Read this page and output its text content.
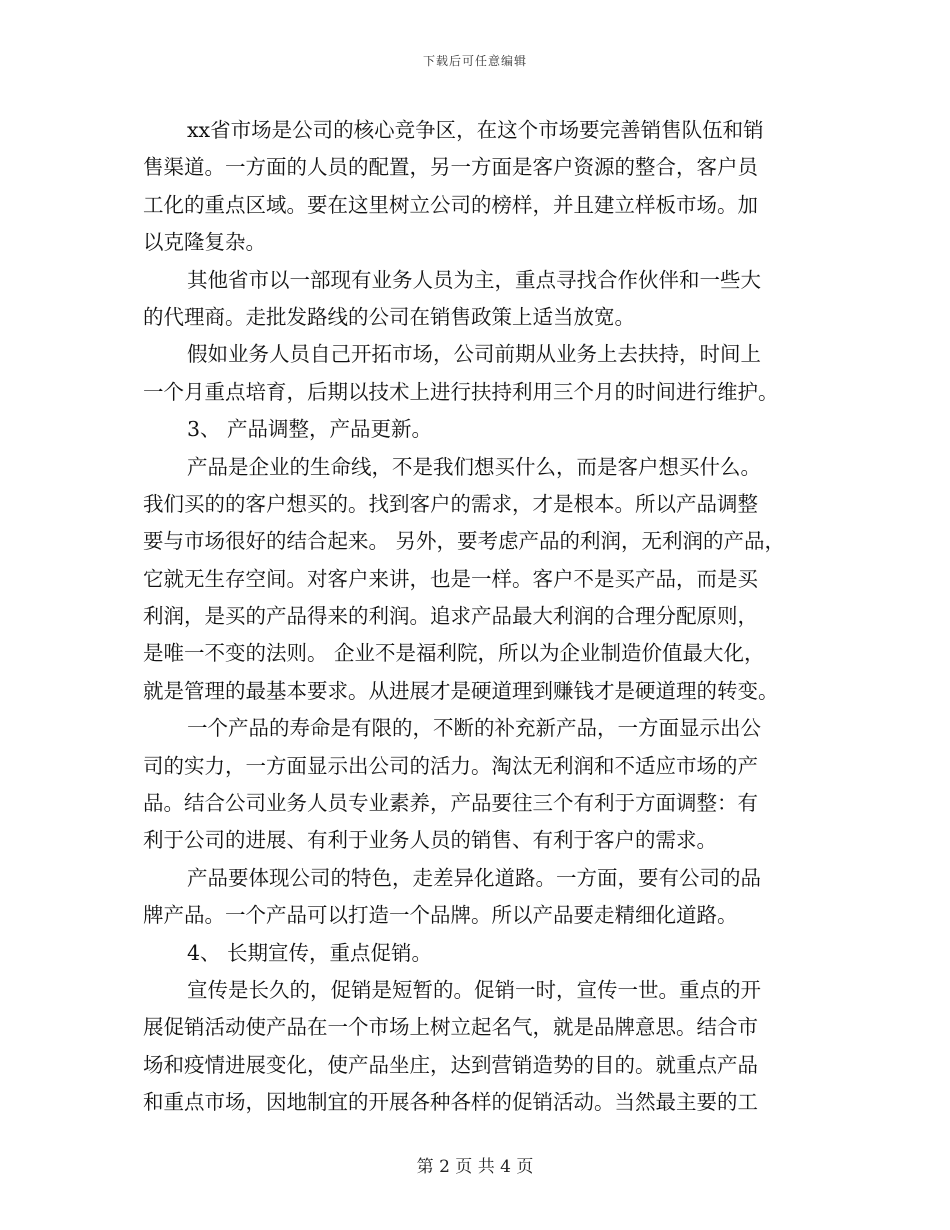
下载后可任意编辑
xx省市场是公司的核心竞争区，在这个市场要完善销售队伍和销
售渠道。一方面的人员的配置，另一方面是客户资源的整合，客户员
工化的重点区域。要在这里树立公司的榜样，并且建立样板市场。加
以克隆复杂。
其他省市以一部现有业务人员为主，重点寻找合作伙伴和一些大
的代理商。走批发路线的公司在销售政策上适当放宽。
假如业务人员自己开拓市场，公司前期从业务上去扶持，时间上
一个月重点培育，后期以技术上进行扶持利用三个月的时间进行维护。
3、 产品调整，产品更新。
产品是企业的生命线，不是我们想买什么，而是客户想买什么。
我们买的的客户想买的。找到客户的需求，才是根本。所以产品调整
要与市场很好的结合起来。 另外，要考虑产品的利润，无利润的产品，
它就无生存空间。对客户来讲，也是一样。客户不是买产品，而是买
利润，是买的产品得来的利润。追求产品最大利润的合理分配原则，
是唯一不变的法则。 企业不是福利院，所以为企业制造价值最大化，
就是管理的最基本要求。从进展才是硬道理到赚钱才是硬道理的转变。
一个产品的寿命是有限的，不断的补充新产品，一方面显示出公
司的实力，一方面显示出公司的活力。淘汰无利润和不适应市场的产
品。结合公司业务人员专业素养，产品要往三个有利于方面调整：有
利于公司的进展、有利于业务人员的销售、有利于客户的需求。
产品要体现公司的特色，走差异化道路。一方面，要有公司的品
牌产品。一个产品可以打造一个品牌。所以产品要走精细化道路。
4、 长期宣传，重点促销。
宣传是长久的，促销是短暂的。促销一时，宣传一世。重点的开
展促销活动使产品在一个市场上树立起名气，就是品牌意思。结合市
场和疫情进展变化，使产品坐庄，达到营销造势的目的。就重点产品
和重点市场，因地制宜的开展各种各样的促销活动。当然最主要的工
第 2 页 共 4 页
